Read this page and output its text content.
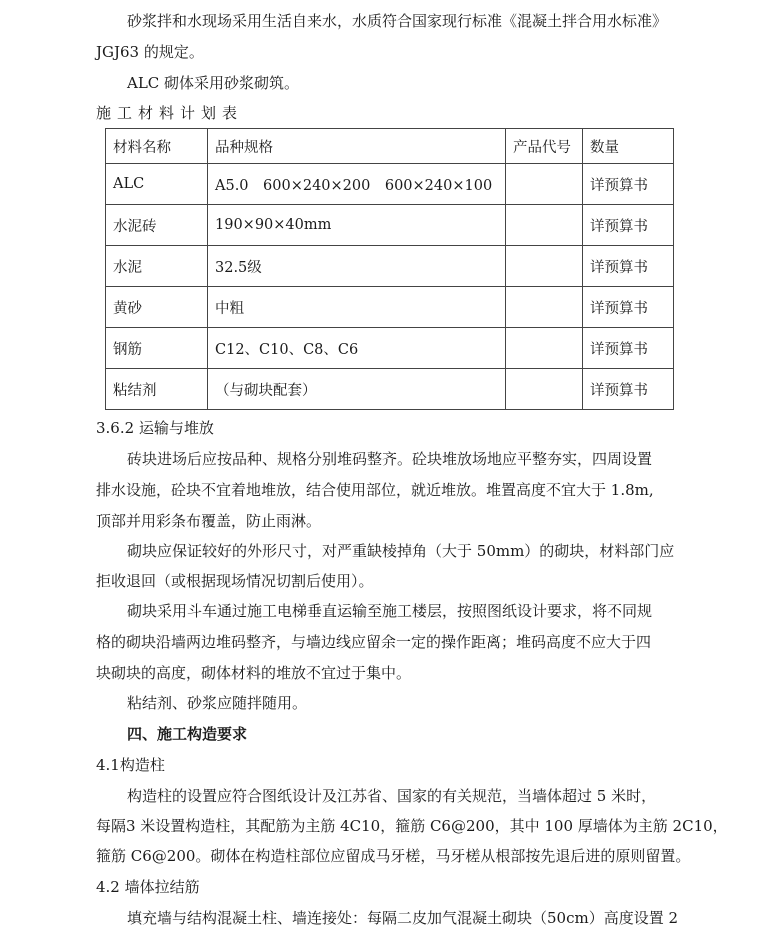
砂浆拌和水现场采用生活自来水，水质符合国家现行标准《混凝土拌合用水标准》
JGJ63 的规定。
ALC 砌体采用砂浆砌筑。
施工材料计划表
材料名称	品种规格	产品代号	数量
ALC	A5.0　600×240×200　600×240×100		详预算书
水泥砖	190×90×40mm		详预算书
水泥	32.5级		详预算书
黄砂	中粗		详预算书
钢筋	C12、C10、C8、C6		详预算书
粘结剂	（与砌块配套）		详预算书
3.6.2 运输与堆放
砖块进场后应按品种、规格分别堆码整齐。砼块堆放场地应平整夯实，四周设置
排水设施，砼块不宜着地堆放，结合使用部位，就近堆放。堆置高度不宜大于 1.8m,
顶部并用彩条布覆盖，防止雨淋。
砌块应保证较好的外形尺寸，对严重缺棱掉角（大于 50mm）的砌块，材料部门应
拒收退回（或根据现场情况切割后使用）。
砌块采用斗车通过施工电梯垂直运输至施工楼层，按照图纸设计要求，将不同规
格的砌块沿墙两边堆码整齐，与墙边线应留余一定的操作距离；堆码高度不应大于四
块砌块的高度，砌体材料的堆放不宜过于集中。
粘结剂、砂浆应随拌随用。
四、施工构造要求
4.1构造柱
构造柱的设置应符合图纸设计及江苏省、国家的有关规范，当墙体超过 5 米时，
每隔3 米设置构造柱，其配筋为主筋 4C10，箍筋 C6@200，其中 100 厚墙体为主筋 2C10，
箍筋 C6@200。砌体在构造柱部位应留成马牙槎，马牙槎从根部按先退后进的原则留置。
4.2 墙体拉结筋
填充墙与结构混凝土柱、墙连接处：每隔二皮加气混凝土砌块（50cm）高度设置 2
